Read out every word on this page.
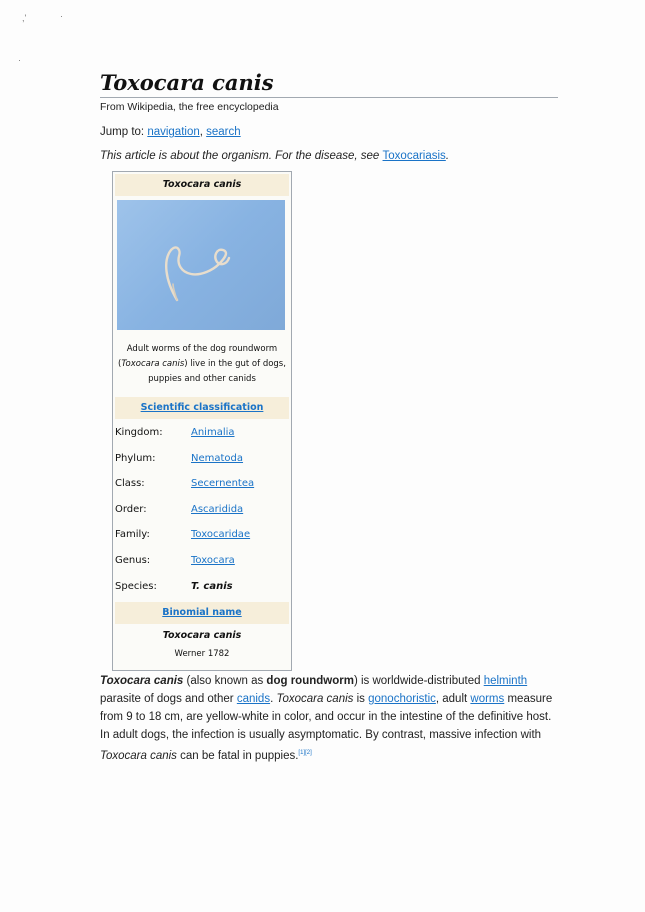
,ʹ	·
·
Toxocara canis
From Wikipedia, the free encyclopedia
Jump to: navigation, search
This article is about the organism. For the disease, see Toxocariasis.
Toxocara canis
Adult worms of the dog roundworm (Toxocara canis) live in the gut of dogs, puppies and other canids
Scientific classification
Kingdom:	Animalia
Phylum:	Nematoda
Class:	Secernentea
Order:	Ascaridida
Family:	Toxocaridae
Genus:	Toxocara
Species:	T. canis
Binomial name
Toxocara canis
Werner 1782
Toxocara canis (also known as dog roundworm) is worldwide-distributed helminth parasite of dogs and other canids. Toxocara canis is gonochoristic, adult worms measure from 9 to 18 cm, are yellow-white in color, and occur in the intestine of the definitive host. In adult dogs, the infection is usually asymptomatic. By contrast, massive infection with Toxocara canis can be fatal in puppies.[1][2]
